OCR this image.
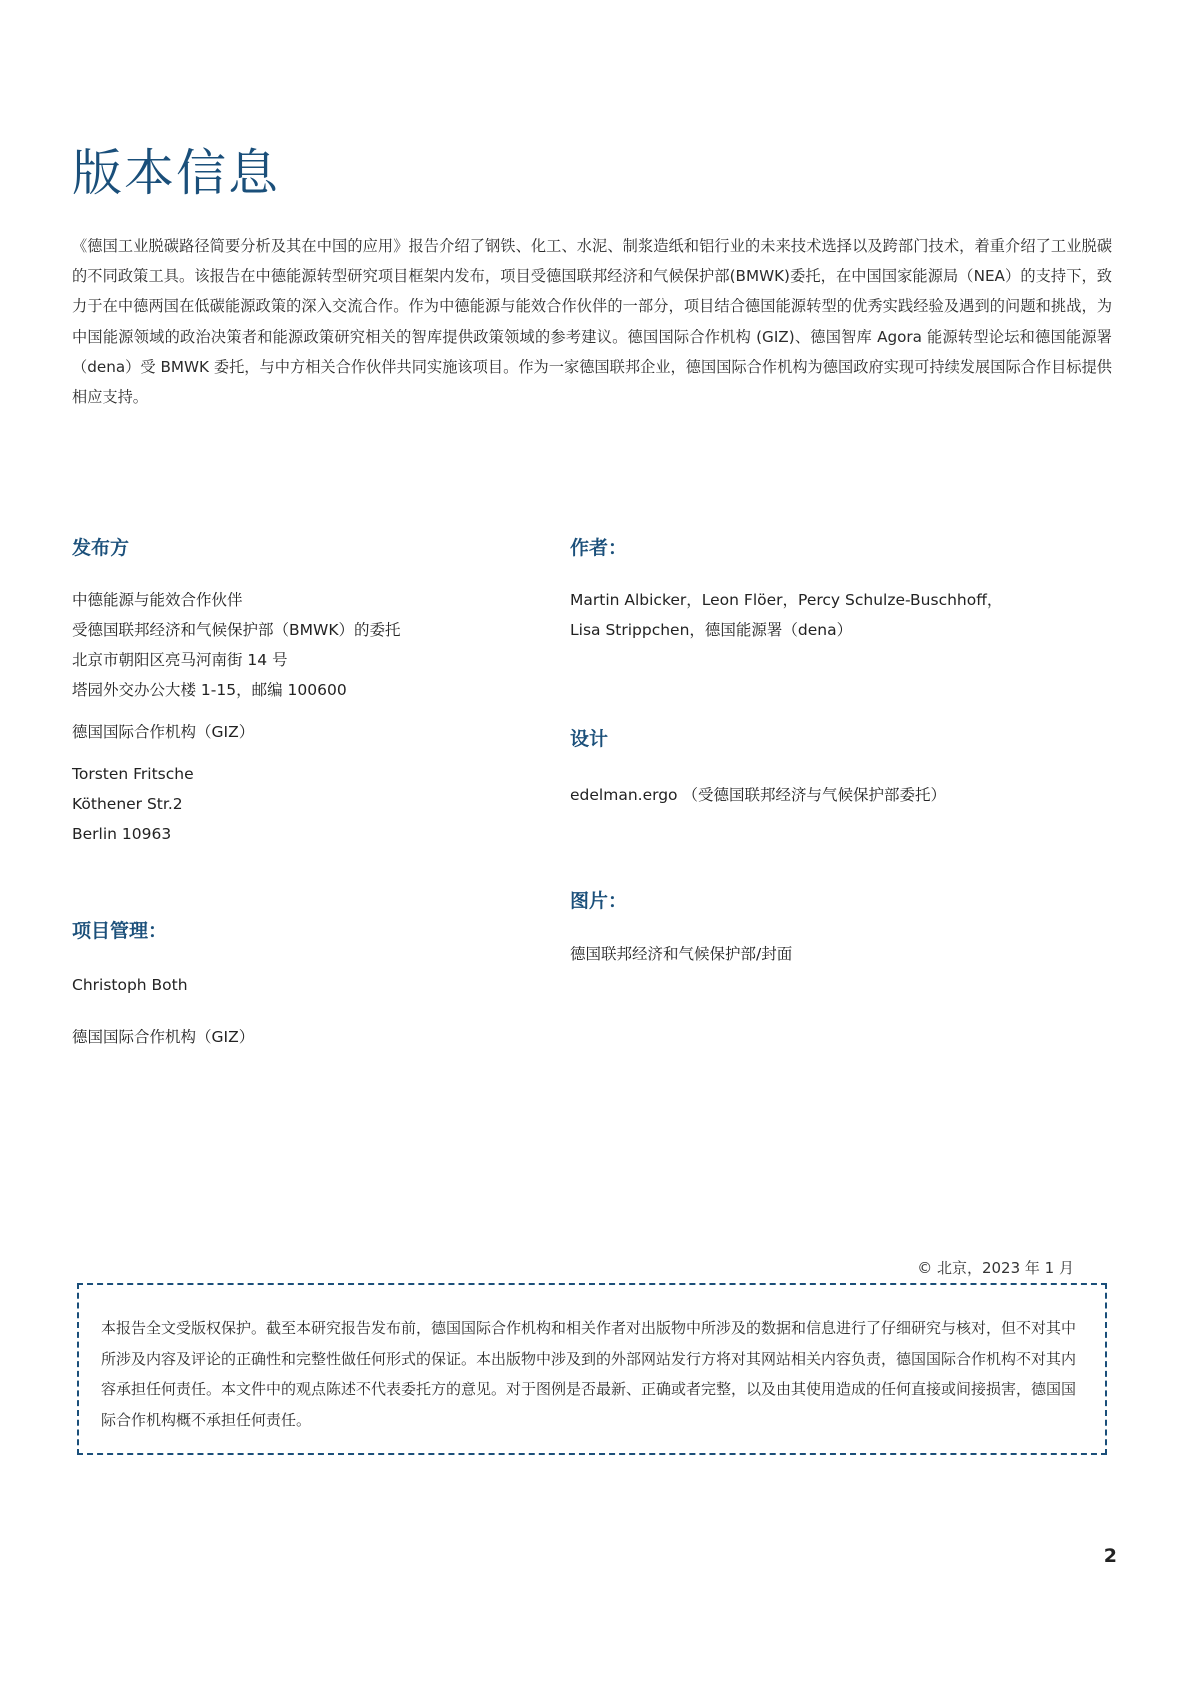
版本信息

《德国工业脱碳路径简要分析及其在中国的应用》报告介绍了钢铁、化工、水泥、制浆造纸和铝行业的未来技术选择以及跨部门技术，着重介绍了工业脱碳的不同政策工具。该报告在中德能源转型研究项目框架内发布，项目受德国联邦经济和气候保护部(BMWK)委托，在中国国家能源局（NEA）的支持下，致力于在中德两国在低碳能源政策的深入交流合作。作为中德能源与能效合作伙伴的一部分，项目结合德国能源转型的优秀实践经验及遇到的问题和挑战，为中国能源领域的政治决策者和能源政策研究相关的智库提供政策领域的参考建议。德国国际合作机构 (GIZ)、德国智库 Agora 能源转型论坛和德国能源署（dena）受 BMWK 委托，与中方相关合作伙伴共同实施该项目。作为一家德国联邦企业，德国国际合作机构为德国政府实现可持续发展国际合作目标提供相应支持。

发布方

中德能源与能效合作伙伴

受德国联邦经济和气候保护部（BMWK）的委托

北京市朝阳区亮马河南街 14 号

塔园外交办公大楼 1-15，邮编 100600

德国国际合作机构（GIZ）

Torsten Fritsche

Köthener Str.2

Berlin 10963

项目管理：

Christoph Both

德国国际合作机构（GIZ）

作者：

Martin Albicker，Leon Flöer，Percy Schulze-Buschhoff，

Lisa Strippchen，德国能源署（dena）

设计

edelman.ergo （受德国联邦经济与气候保护部委托）

图片：

德国联邦经济和气候保护部/封面

© 北京，2023 年 1 月

本报告全文受版权保护。截至本研究报告发布前，德国国际合作机构和相关作者对出版物中所涉及的数据和信息进行了仔细研究与核对，但不对其中所涉及内容及评论的正确性和完整性做任何形式的保证。本出版物中涉及到的外部网站发行方将对其网站相关内容负责，德国国际合作机构不对其内容承担任何责任。本文件中的观点陈述不代表委托方的意见。对于图例是否最新、正确或者完整，以及由其使用造成的任何直接或间接损害，德国国际合作机构概不承担任何责任。

2
